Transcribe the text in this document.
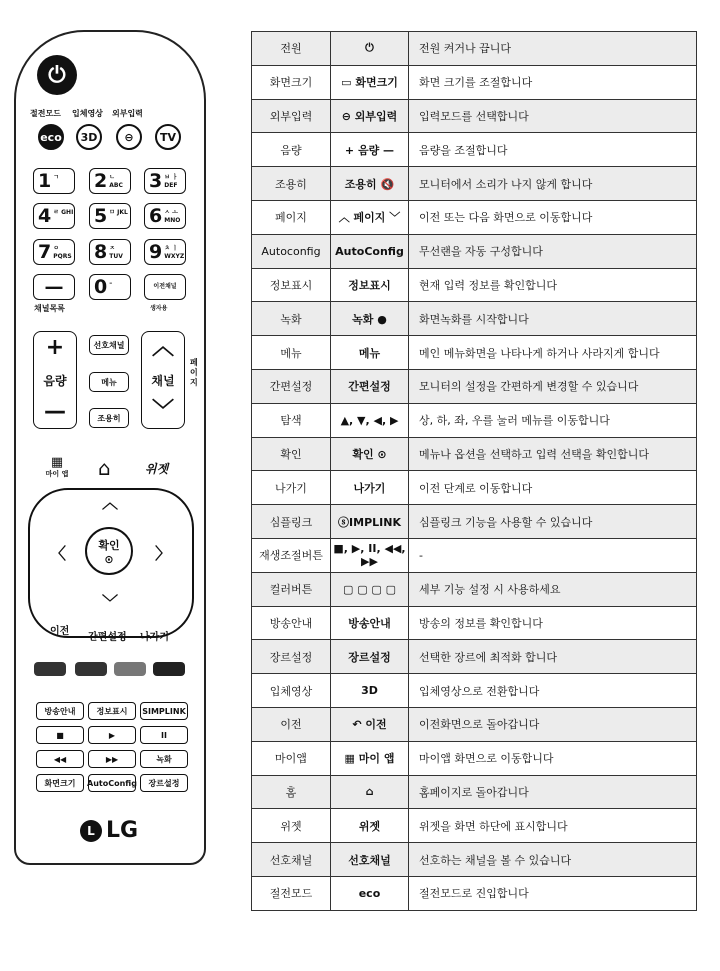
⏻
절전모드 입체영상 외부입력
eco	3D	⊖	TV
1 ㄱ 2 ㄴ ABC	3 ㅂ ㅏ DEF
4 ㄹ GHI 5 ㅁ JKL 6 ㅅ ㅗ MNO
7 ㅇ PQRS 8 ㅈ TUV	9 ㅊ ㅣ WXYZ
— 0 –	이전채널
채널목록	생자용
+
음량
—
︿
채널
﹀
페이지
선호채널
메뉴
조용히
▦
마이 앱 ⌂	위젯
︿
﹀
〈	〉
확인
⊙
이전
간편설정 나가기
방송안내	정보표시	SIMPLINK
■	▶	II
◀◀	▶▶	녹화
화면크기	AutoConfig	장르설정
L LG
전원	⏻	전원 켜거나 끕니다
화면크기	▭ 화면크기	화면 크기를 조절합니다
외부입력	⊖ 외부입력	입력모드를 선택합니다
음량	+ 음량 —	음량을 조절합니다
조용히	조용히 🔇	모니터에서 소리가 나지 않게 합니다
페이지	︿ 페이지 ﹀	이전 또는 다음 화면으로 이동합니다
Autoconfig	AutoConfig	무선랜을 자동 구성합니다
정보표시	정보표시	현재 입력 정보를 확인합니다
녹화	녹화 ●	화면녹화를 시작합니다
메뉴	메뉴	메인 메뉴화면을 나타나게 하거나 사라지게 합니다
간편설정	간편설정	모니터의 설정을 간편하게 변경할 수 있습니다
탐색	▲, ▼, ◀, ▶	상, 하, 좌, 우를 눌러 메뉴를 이동합니다
확인	확인 ⊙	메뉴나 옵션을 선택하고 입력 선택을 확인합니다
나가기	나가기	이전 단계로 이동합니다
심플링크	ⓢIMPLINK	심플링크 기능을 사용할 수 있습니다
재생조절버튼	■, ▶, II, ◀◀, ▶▶	-
컬러버튼	▢ ▢ ▢ ▢	세부 기능 설정 시 사용하세요
방송안내	방송안내	방송의 정보를 확인합니다
장르설정	장르설정	선택한 장르에 최적화 합니다
입체영상	3D	입체영상으로 전환합니다
이전	↶ 이전	이전화면으로 돌아갑니다
마이앱	▦ 마이 앱	마이앱 화면으로 이동합니다
홈	⌂	홈페이지로 돌아갑니다
위젯	위젯	위젯을 화면 하단에 표시합니다
선호채널	선호채널	선호하는 채널을 볼 수 있습니다
절전모드	eco	절전모드로 진입합니다
